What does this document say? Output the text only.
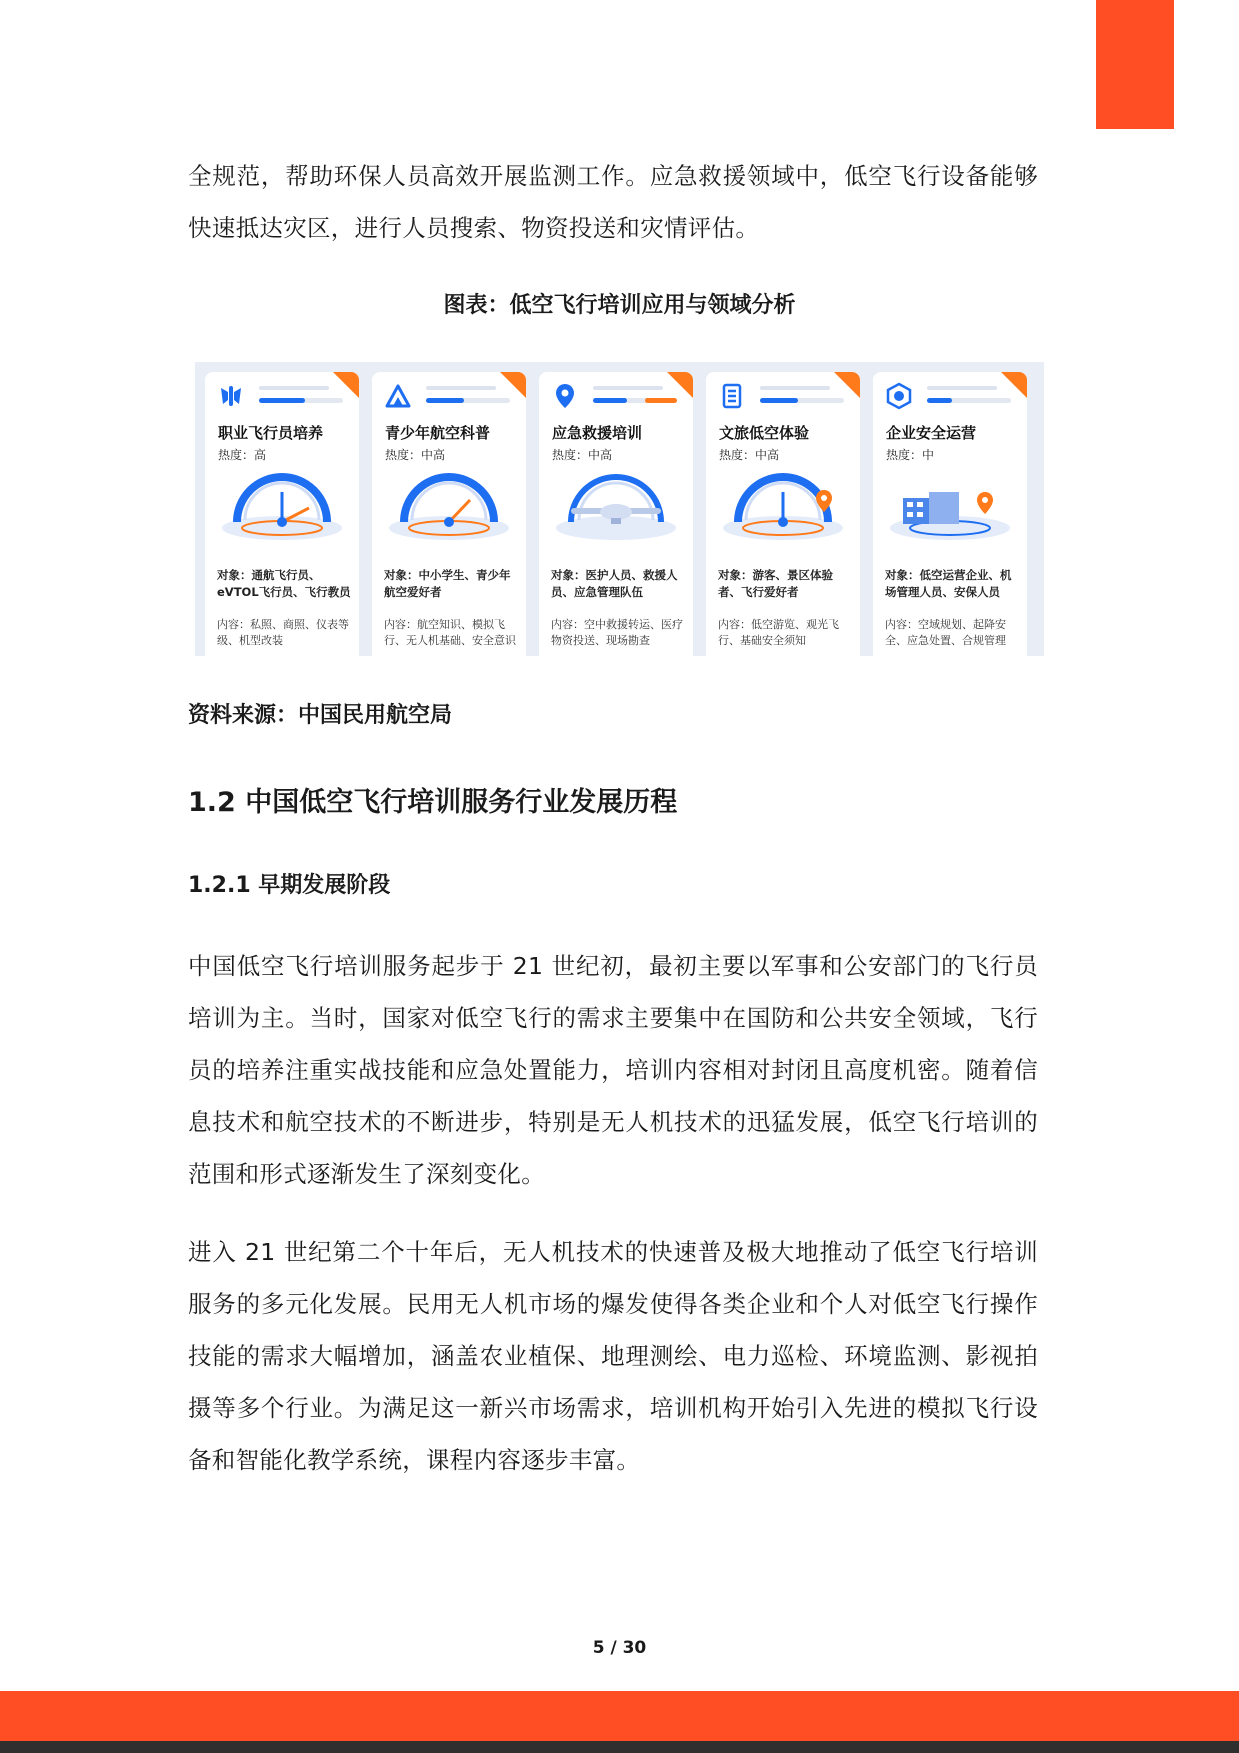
全规范，帮助环保人员高效开展监测工作。应急救援领域中，低空飞行设备能够快速抵达灾区，进行人员搜索、物资投送和灾情评估。

图表：低空飞行培训应用与领域分析
职业飞行员培养
热度：高
对象：通航飞行员、eVTOL飞行员、飞行教员
内容：私照、商照、仪表等级、机型改装
青少年航空科普
热度：中高
对象：中小学生、青少年航空爱好者
内容：航空知识、模拟飞行、无人机基础、安全意识
应急救援培训
热度：中高
对象：医护人员、救援人员、应急管理队伍
内容：空中救援转运、医疗物资投送、现场勘查
文旅低空体验
热度：中高
对象：游客、景区体验者、飞行爱好者
内容：低空游览、观光飞行、基础安全须知
企业安全运营
热度：中
对象：低空运营企业、机场管理人员、安保人员
内容：空域规划、起降安全、应急处置、合规管理
资料来源：中国民用航空局
1.2 中国低空飞行培训服务行业发展历程
1.2.1 早期发展阶段

中国低空飞行培训服务起步于 21 世纪初，最初主要以军事和公安部门的飞行员培训为主。当时，国家对低空飞行的需求主要集中在国防和公共安全领域，飞行员的培养注重实战技能和应急处置能力，培训内容相对封闭且高度机密。随着信息技术和航空技术的不断进步，特别是无人机技术的迅猛发展，低空飞行培训的范围和形式逐渐发生了深刻变化。

进入 21 世纪第二个十年后，无人机技术的快速普及极大地推动了低空飞行培训服务的多元化发展。民用无人机市场的爆发使得各类企业和个人对低空飞行操作技能的需求大幅增加，涵盖农业植保、地理测绘、电力巡检、环境监测、影视拍摄等多个行业。为满足这一新兴市场需求，培训机构开始引入先进的模拟飞行设备和智能化教学系统，课程内容逐步丰富。

5 / 30
